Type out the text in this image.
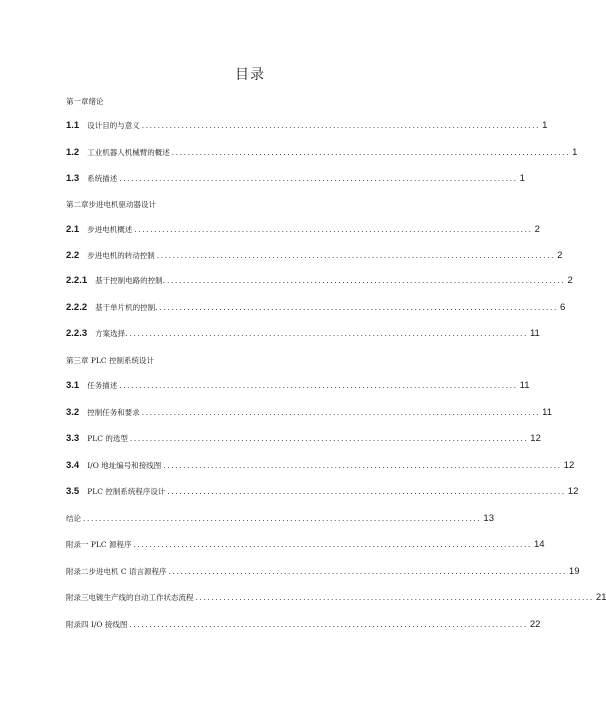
目录
第一章绪论
1.1 设计目的与意义 .................................................................................................... 1
1.2 工业机器人机械臂的概述 .................................................................................................... 1
1.3 系统描述 .................................................................................................... 1
第二章步进电机驱动器设计
2.1 步进电机概述 .................................................................................................... 2
2.2 步进电机的转动控制 .................................................................................................... 2
2.2.1 基于控制电路的控制. .................................................................................................... 2
2.2.2 基于单片机的控制. .................................................................................................... 6
2.2.3 方案选择. .................................................................................................... 11
第三章 PLC 控制系统设计
3.1 任务描述 .................................................................................................... 11
3.2 控制任务和要求 .................................................................................................... 11
3.3 PLC 的选型 .................................................................................................... 12
3.4 I/O 地址编号和接线图 .................................................................................................... 12
3.5 PLC 控制系统程序设计 .................................................................................................... 12
结论 .................................................................................................... 13
附录一 PLC 源程序 .................................................................................................... 14
附录二步进电机 C 语言源程序 .................................................................................................... 19
附录三电镀生产线的自动工作状态流程 .................................................................................................... 21
附录四 I/O 接线图 .................................................................................................... 22
